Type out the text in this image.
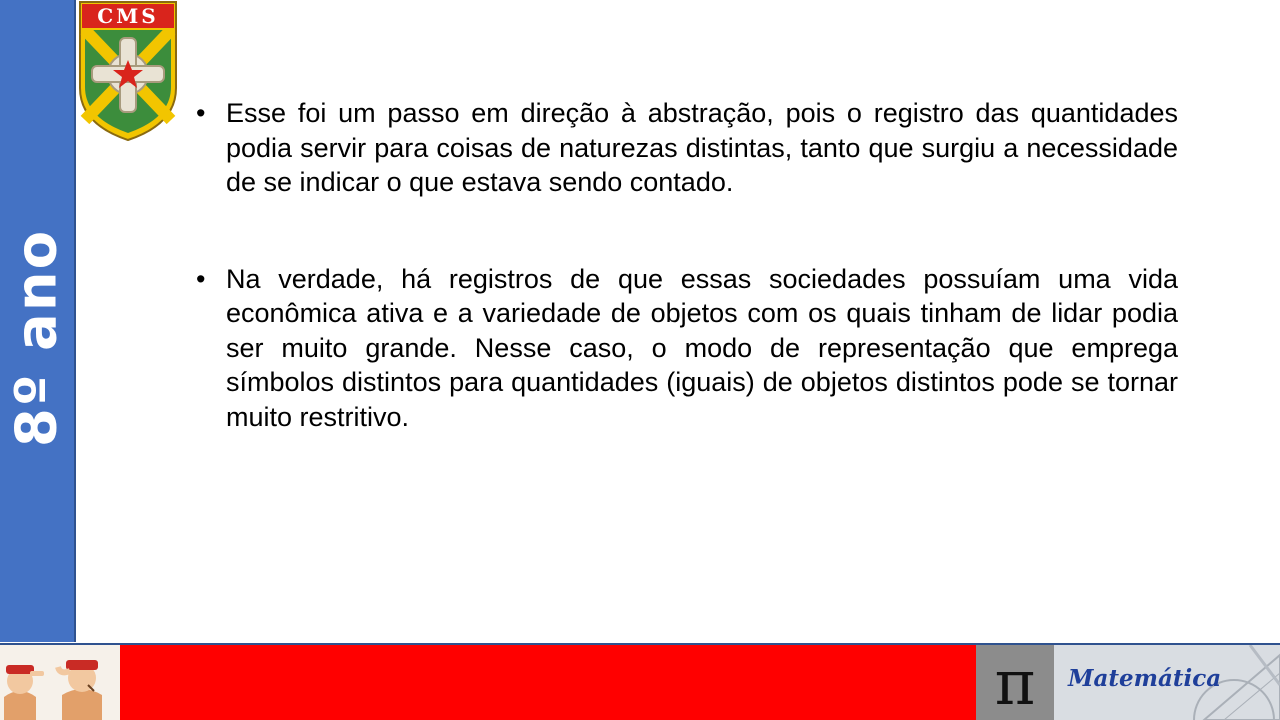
8º ano
CMS
• Esse foi um passo em direção à abstração, pois o registro das quantidades podia servir para coisas de naturezas distintas, tanto que surgiu a necessidade de se indicar o que estava sendo contado.
• Na verdade, há registros de que essas sociedades possuíam uma vida econômica ativa e a variedade de objetos com os quais tinham de lidar podia ser muito grande. Nesse caso, o modo de representação que emprega símbolos distintos para quantidades (iguais) de objetos distintos pode se tornar muito restritivo.
π	Matemática
